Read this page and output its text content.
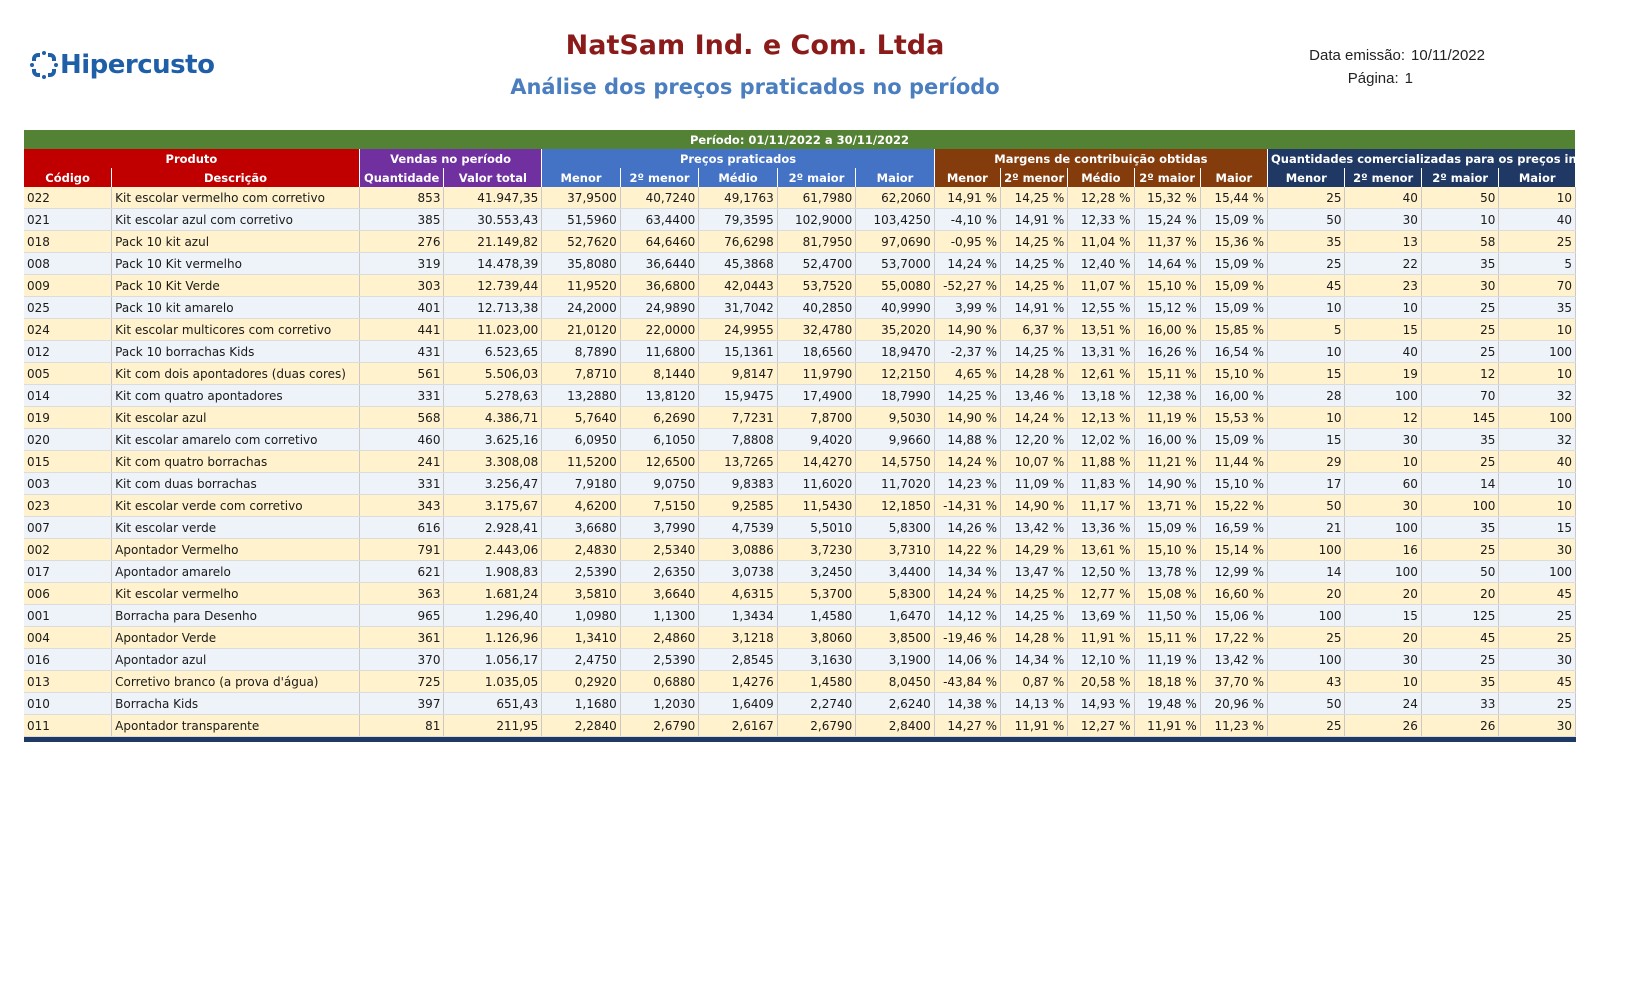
Hipercusto
NatSam Ind. e Com. Ltda
Análise dos preços praticados no período
Data emissão: 10/11/2022
Página: 1
Período: 01/11/2022 a 30/11/2022																	
Produto		Vendas no período		Preços praticados					Margens de contribuição obtidas					Quantidades comercializadas para os preços indicados			
Código	Descrição	Quantidade	Valor total	Menor	2º menor	Médio	2º maior	Maior	Menor	2º menor	Médio	2º maior	Maior	Menor	2º menor	2º maior	Maior
022	Kit escolar vermelho com corretivo	853	41.947,35	37,9500	40,7240	49,1763	61,7980	62,2060	14,91 %	14,25 %	12,28 %	15,32 %	15,44 %	25	40	50	10
021	Kit escolar azul com corretivo	385	30.553,43	51,5960	63,4400	79,3595	102,9000	103,4250	-4,10 %	14,91 %	12,33 %	15,24 %	15,09 %	50	30	10	40
018	Pack 10 kit azul	276	21.149,82	52,7620	64,6460	76,6298	81,7950	97,0690	-0,95 %	14,25 %	11,04 %	11,37 %	15,36 %	35	13	58	25
008	Pack 10 Kit vermelho	319	14.478,39	35,8080	36,6440	45,3868	52,4700	53,7000	14,24 %	14,25 %	12,40 %	14,64 %	15,09 %	25	22	35	5
009	Pack 10 Kit Verde	303	12.739,44	11,9520	36,6800	42,0443	53,7520	55,0080	-52,27 %	14,25 %	11,07 %	15,10 %	15,09 %	45	23	30	70
025	Pack 10 kit amarelo	401	12.713,38	24,2000	24,9890	31,7042	40,2850	40,9990	3,99 %	14,91 %	12,55 %	15,12 %	15,09 %	10	10	25	35
024	Kit escolar multicores com corretivo	441	11.023,00	21,0120	22,0000	24,9955	32,4780	35,2020	14,90 %	6,37 %	13,51 %	16,00 %	15,85 %	5	15	25	10
012	Pack 10 borrachas Kids	431	6.523,65	8,7890	11,6800	15,1361	18,6560	18,9470	-2,37 %	14,25 %	13,31 %	16,26 %	16,54 %	10	40	25	100
005	Kit com dois apontadores (duas cores)	561	5.506,03	7,8710	8,1440	9,8147	11,9790	12,2150	4,65 %	14,28 %	12,61 %	15,11 %	15,10 %	15	19	12	10
014	Kit com quatro apontadores	331	5.278,63	13,2880	13,8120	15,9475	17,4900	18,7990	14,25 %	13,46 %	13,18 %	12,38 %	16,00 %	28	100	70	32
019	Kit escolar azul	568	4.386,71	5,7640	6,2690	7,7231	7,8700	9,5030	14,90 %	14,24 %	12,13 %	11,19 %	15,53 %	10	12	145	100
020	Kit escolar amarelo com corretivo	460	3.625,16	6,0950	6,1050	7,8808	9,4020	9,9660	14,88 %	12,20 %	12,02 %	16,00 %	15,09 %	15	30	35	32
015	Kit com quatro borrachas	241	3.308,08	11,5200	12,6500	13,7265	14,4270	14,5750	14,24 %	10,07 %	11,88 %	11,21 %	11,44 %	29	10	25	40
003	Kit com duas borrachas	331	3.256,47	7,9180	9,0750	9,8383	11,6020	11,7020	14,23 %	11,09 %	11,83 %	14,90 %	15,10 %	17	60	14	10
023	Kit escolar verde com corretivo	343	3.175,67	4,6200	7,5150	9,2585	11,5430	12,1850	-14,31 %	14,90 %	11,17 %	13,71 %	15,22 %	50	30	100	10
007	Kit escolar verde	616	2.928,41	3,6680	3,7990	4,7539	5,5010	5,8300	14,26 %	13,42 %	13,36 %	15,09 %	16,59 %	21	100	35	15
002	Apontador Vermelho	791	2.443,06	2,4830	2,5340	3,0886	3,7230	3,7310	14,22 %	14,29 %	13,61 %	15,10 %	15,14 %	100	16	25	30
017	Apontador amarelo	621	1.908,83	2,5390	2,6350	3,0738	3,2450	3,4400	14,34 %	13,47 %	12,50 %	13,78 %	12,99 %	14	100	50	100
006	Kit escolar vermelho	363	1.681,24	3,5810	3,6640	4,6315	5,3700	5,8300	14,24 %	14,25 %	12,77 %	15,08 %	16,60 %	20	20	20	45
001	Borracha para Desenho	965	1.296,40	1,0980	1,1300	1,3434	1,4580	1,6470	14,12 %	14,25 %	13,69 %	11,50 %	15,06 %	100	15	125	25
004	Apontador Verde	361	1.126,96	1,3410	2,4860	3,1218	3,8060	3,8500	-19,46 %	14,28 %	11,91 %	15,11 %	17,22 %	25	20	45	25
016	Apontador azul	370	1.056,17	2,4750	2,5390	2,8545	3,1630	3,1900	14,06 %	14,34 %	12,10 %	11,19 %	13,42 %	100	30	25	30
013	Corretivo branco (a prova d'água)	725	1.035,05	0,2920	0,6880	1,4276	1,4580	8,0450	-43,84 %	0,87 %	20,58 %	18,18 %	37,70 %	43	10	35	45
010	Borracha Kids	397	651,43	1,1680	1,2030	1,6409	2,2740	2,6240	14,38 %	14,13 %	14,93 %	19,48 %	20,96 %	50	24	33	25
011	Apontador transparente	81	211,95	2,2840	2,6790	2,6167	2,6790	2,8400	14,27 %	11,91 %	12,27 %	11,91 %	11,23 %	25	26	26	30
